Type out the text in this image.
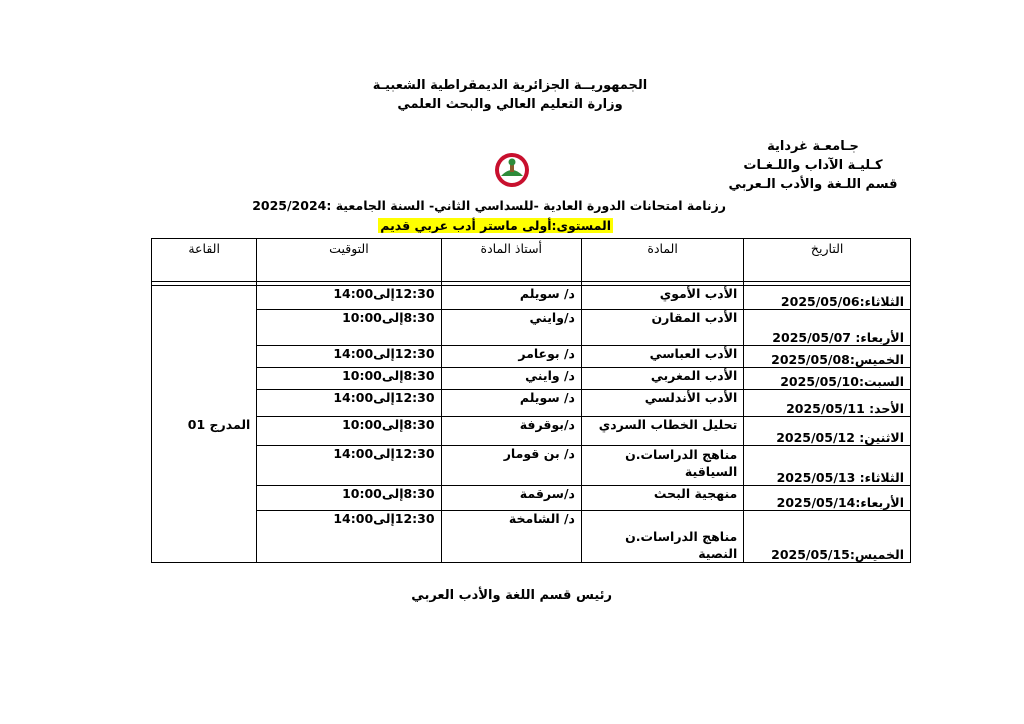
الجمهوريــة الجزائرية الديمقراطية الشعبيـة
وزارة التعليم العالي والبحث العلمي
جـامعـة غرداية
كـليـة الآداب واللـغـات
قسم اللـغة والأدب الـعربي
رزنامة امتحانات الدورة العادية -للسداسي الثاني- السنة الجامعية :2025/2024
المستوى:أولى ماستر أدب عربي قديم
التاريخ	المادة	أستاذ المادة	التوقيت	القاعة

الثلاثاء:2025/05/06	الأدب الأموي	د/ سويلم	12:30إلى14:00	المدرج 01
الأربعاء: 2025/05/07	الأدب المقارن	د/وايني	8:30إلى10:00	
الخميس:2025/05/08	الأدب العباسي	د/ بوعامر	12:30إلى14:00	
السبت:2025/05/10	الأدب المغربي	د/ وايني	8:30إلى10:00	
الأحد: 2025/05/11	الأدب الأندلسي	د/ سويلم	12:30إلى14:00	
الاثنين: 2025/05/12	تحليل الخطاب السردي	د/بوقرفة	8:30إلى10:00	
الثلاثاء: 2025/05/13	مناهج الدراسات.ن السياقية	د/ بن قومار	12:30إلى14:00	
الأربعاء:2025/05/14	منهجية البحث	د/سرقمة	8:30إلى10:00	
الخميس:2025/05/15	مناهج الدراسات.ن النصية	د/ الشامخة	12:30إلى14:00	
رئيس قسم اللغة والأدب العربي
